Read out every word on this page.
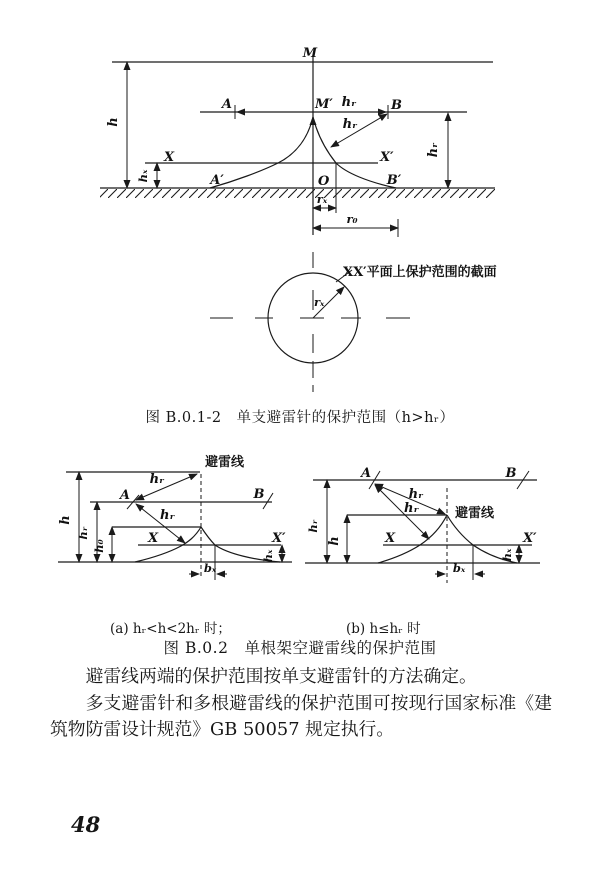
M
M′
A	B
hᵣ
hᵣ
X	X′
A′	B′
O
h
hₓ
hᵣ
rₓ
r₀
rₓ
XX′平面上保护范围的截面
避雷线
A	B
hᵣ
hᵣ
X	X′
h
hᵣ
h₀
hₓ
bₓ
A	B
避雷线
hᵣ
hᵣ
X	X′
hᵣ
h
hₓ
bₓ
图 B.0.1-2　单支避雷针的保护范围（h>hᵣ）
(a) hᵣ<h<2hᵣ 时；	(b) h≤hᵣ 时
图 B.0.2　单根架空避雷线的保护范围

避雷线两端的保护范围按单支避雷针的方法确定。

多支避雷针和多根避雷线的保护范围可按现行国家标准《建筑物防雷设计规范》GB 50057 规定执行。

48
